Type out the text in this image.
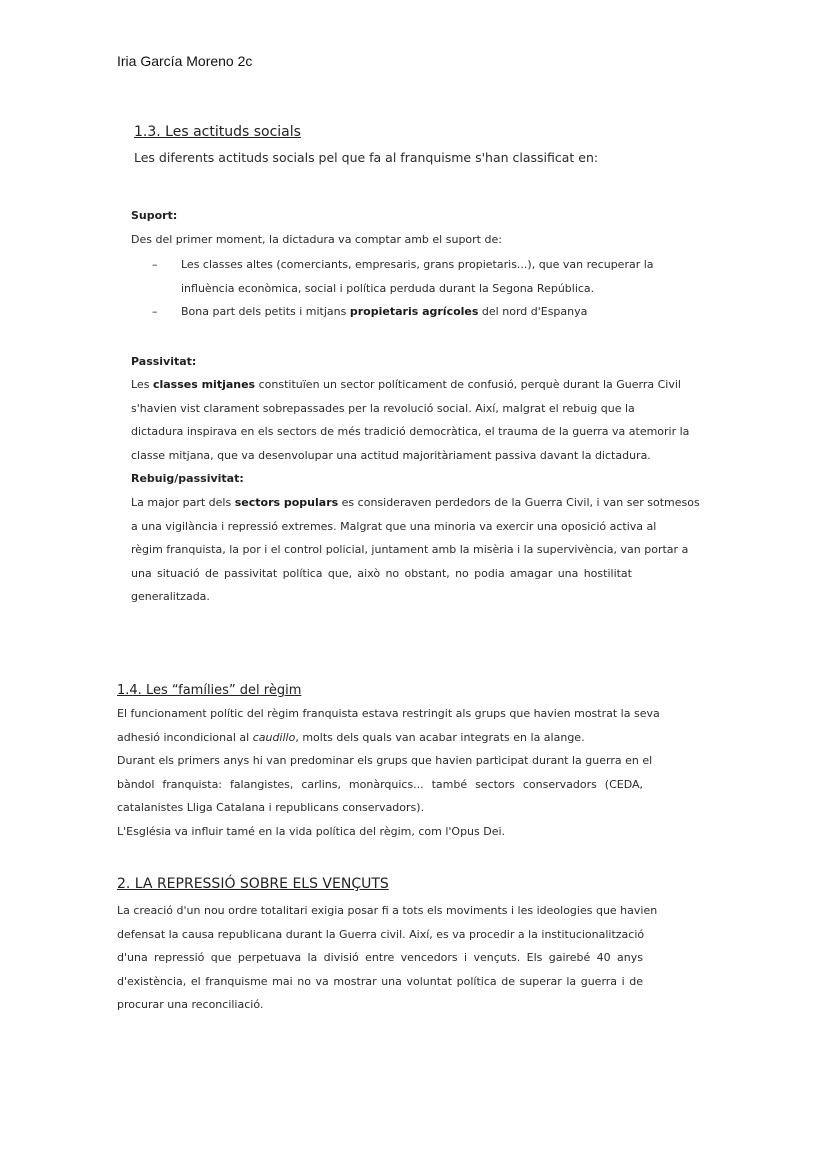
Iria García Moreno 2c
1.3. Les actituds socials
Les diferents actituds socials pel que fa al franquisme s'han classificat en:
Suport:
Des del primer moment, la dictadura va comptar amb el suport de:
– Les classes altes (comerciants, empresaris, grans propietaris...), que van recuperar la
influència econòmica, social i política perduda durant la Segona República.
– Bona part dels petits i mitjans propietaris agrícoles del nord d'Espanya
Passivitat:
Les classes mitjanes constituïen un sector políticament de confusió, perquè durant la Guerra Civil
s'havien vist clarament sobrepassades per la revolució social. Així, malgrat el rebuig que la
dictadura inspirava en els sectors de més tradició democràtica, el trauma de la guerra va atemorir la
classe mitjana, que va desenvolupar una actitud majoritàriament passiva davant la dictadura.
Rebuig/passivitat:
La major part dels sectors populars es consideraven perdedors de la Guerra Civil, i van ser sotmesos
a una vigilància i repressió extremes. Malgrat que una minoria va exercir una oposició activa al
règim franquista, la por i el control policial, juntament amb la misèria i la supervivència, van portar a
una situació de passivitat política que, això no obstant, no podia amagar una hostilitat
generalitzada.
1.4. Les “famílies” del règim
El funcionament polític del règim franquista estava restringit als grups que havien mostrat la seva
adhesió incondicional al caudillo, molts dels quals van acabar integrats en la alange.
Durant els primers anys hi van predominar els grups que havien participat durant la guerra en el
bàndol franquista: falangistes, carlins, monàrquics... també sectors conservadors (CEDA,
catalanistes Lliga Catalana i republicans conservadors).
L'Església va influir tamé en la vida política del règim, com l'Opus Dei.
2. LA REPRESSIÓ SOBRE ELS VENÇUTS
La creació d'un nou ordre totalitari exigia posar fi a tots els moviments i les ideologies que havien
defensat la causa republicana durant la Guerra civil. Així, es va procedir a la institucionalització
d'una repressió que perpetuava la divisió entre vencedors i vençuts. Els gairebé 40 anys
d'existència, el franquisme mai no va mostrar una voluntat política de superar la guerra i de
procurar una reconciliació.
